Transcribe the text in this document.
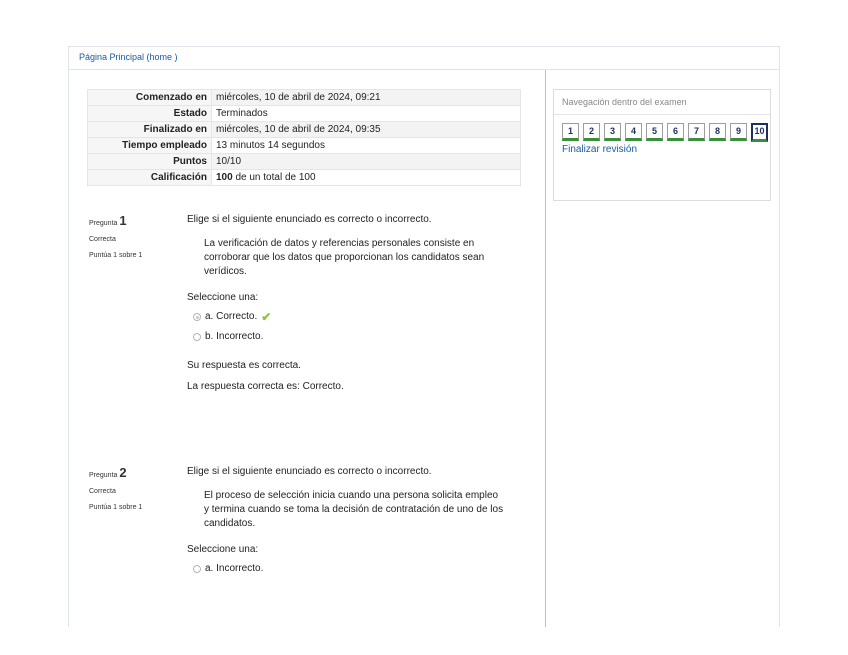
Página Principal (home )
Comenzado en	miércoles, 10 de abril de 2024, 09:21
Estado	Terminados
Finalizado en	miércoles, 10 de abril de 2024, 09:35
Tiempo empleado	13 minutos 14 segundos
Puntos	10/10
Calificación	100 de un total de 100
Pregunta 1
Correcta
Puntúa 1 sobre 1

Elige si el siguiente enunciado es correcto o incorrecto.

La verificación de datos y referencias personales consiste en corroborar que los datos que proporcionan los candidatos sean verídicos.

Seleccione una:
a. Correcto. ✔
b. Incorrecto.
Su respuesta es correcta.
La respuesta correcta es: Correcto.
Pregunta 2
Correcta
Puntúa 1 sobre 1

Elige si el siguiente enunciado es correcto o incorrecto.

El proceso de selección inicia cuando una persona solicita empleo y termina cuando se toma la decisión de contratación de uno de los candidatos.

Seleccione una:
a. Incorrecto.
Navegación dentro del examen
1	2	3	4	5	6	7	8	9	10
Finalizar revisión
